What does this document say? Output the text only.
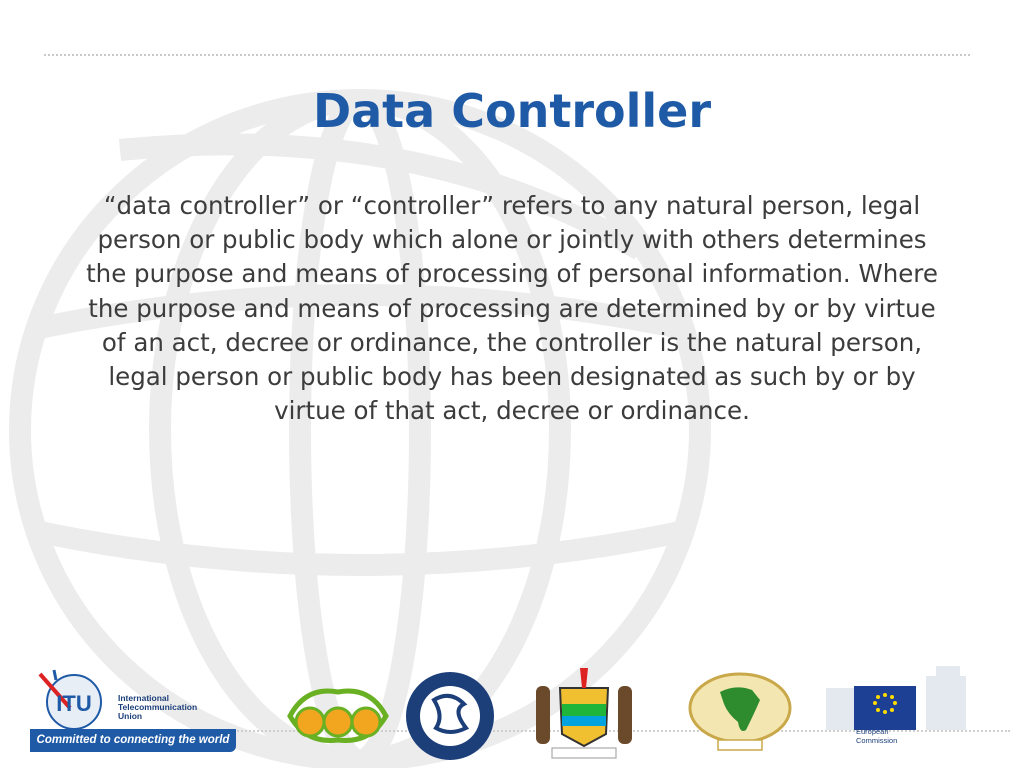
Data Controller

“data controller” or “controller” refers to any natural person, legal person or public body which alone or jointly with others determines the purpose and means of processing of personal information. Where the purpose and means of processing are determined by or by virtue of an act, decree or ordinance, the controller is the natural person, legal person or public body has been designated as such by or by virtue of that act, decree or ordinance.

ITU	International
Telecommunication
Union
Committed to connecting the world
European
Commission
